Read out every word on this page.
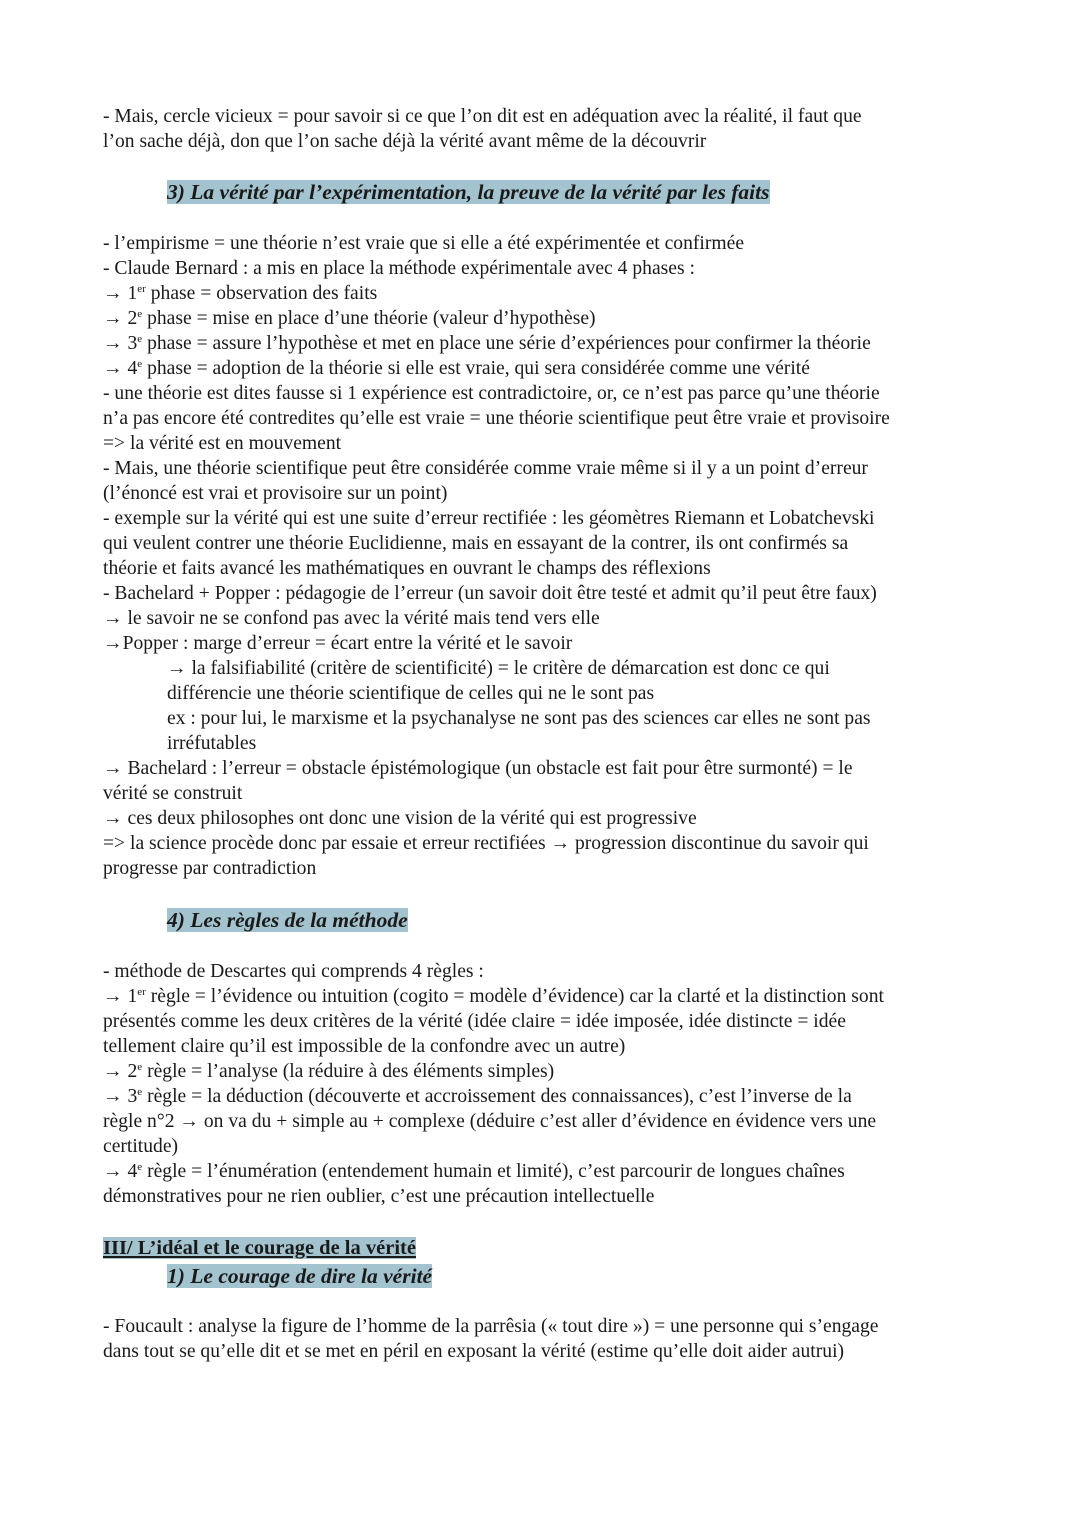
- Mais, cercle vicieux = pour savoir si ce que l’on dit est en adéquation avec la réalité, il faut que

l’on sache déjà, don que l’on sache déjà la vérité avant même de la découvrir

3) La vérité par l’expérimentation, la preuve de la vérité par les faits

- l’empirisme = une théorie n’est vraie que si elle a été expérimentée et confirmée

- Claude Bernard : a mis en place la méthode expérimentale avec 4 phases :

→ 1er phase = observation des faits

→ $2^e$ phase = mise en place d’une théorie (valeur d’hypothèse)

→ $3^e$ phase = assure l’hypothèse et met en place une série d’expériences pour confirmer la théorie

→ $4^e$ phase = adoption de la théorie si elle est vraie, qui sera considérée comme une vérité

- une théorie est dites fausse si 1 expérience est contradictoire, or, ce n’est pas parce qu’une théorie

n’a pas encore été contredites qu’elle est vraie = une théorie scientifique peut être vraie et provisoire

=> la vérité est en mouvement

- Mais, une théorie scientifique peut être considérée comme vraie même si il y a un point d’erreur

(l’énoncé est vrai et provisoire sur un point)

- exemple sur la vérité qui est une suite d’erreur rectifiée : les géomètres Riemann et Lobatchevski

qui veulent contrer une théorie Euclidienne, mais en essayant de la contrer, ils ont confirmés sa

théorie et faits avancé les mathématiques en ouvrant le champs des réflexions

- Bachelard + Popper : pédagogie de l’erreur (un savoir doit être testé et admit qu’il peut être faux)

→ le savoir ne se confond pas avec la vérité mais tend vers elle

→Popper : marge d’erreur = écart entre la vérité et le savoir

→ la falsifiabilité (critère de scientificité) = le critère de démarcation est donc ce qui

différencie une théorie scientifique de celles qui ne le sont pas

ex : pour lui, le marxisme et la psychanalyse ne sont pas des sciences car elles ne sont pas

irréfutables

→ Bachelard : l’erreur = obstacle épistémologique (un obstacle est fait pour être surmonté) = le

vérité se construit

→ ces deux philosophes ont donc une vision de la vérité qui est progressive

=> la science procède donc par essaie et erreur rectifiées → progression discontinue du savoir qui

progresse par contradiction

4) Les règles de la méthode

- méthode de Descartes qui comprends 4 règles :

→ 1er règle = l’évidence ou intuition (cogito = modèle d’évidence) car la clarté et la distinction sont

présentés comme les deux critères de la vérité (idée claire = idée imposée, idée distincte = idée

tellement claire qu’il est impossible de la confondre avec un autre)

→ $2^e$ règle = l’analyse (la réduire à des éléments simples)

→ $3^e$ règle = la déduction (découverte et accroissement des connaissances), c’est l’inverse de la

règle n°2 → on va du + simple au + complexe (déduire c’est aller d’évidence en évidence vers une

certitude)

→ $4^e$ règle = l’énumération (entendement humain et limité), c’est parcourir de longues chaînes

démonstratives pour ne rien oublier, c’est une précaution intellectuelle

III/ L’idéal et le courage de la vérité
1) Le courage de dire la vérité

- Foucault : analyse la figure de l’homme de la parrêsia (« tout dire ») = une personne qui s’engage

dans tout se qu’elle dit et se met en péril en exposant la vérité (estime qu’elle doit aider autrui)
